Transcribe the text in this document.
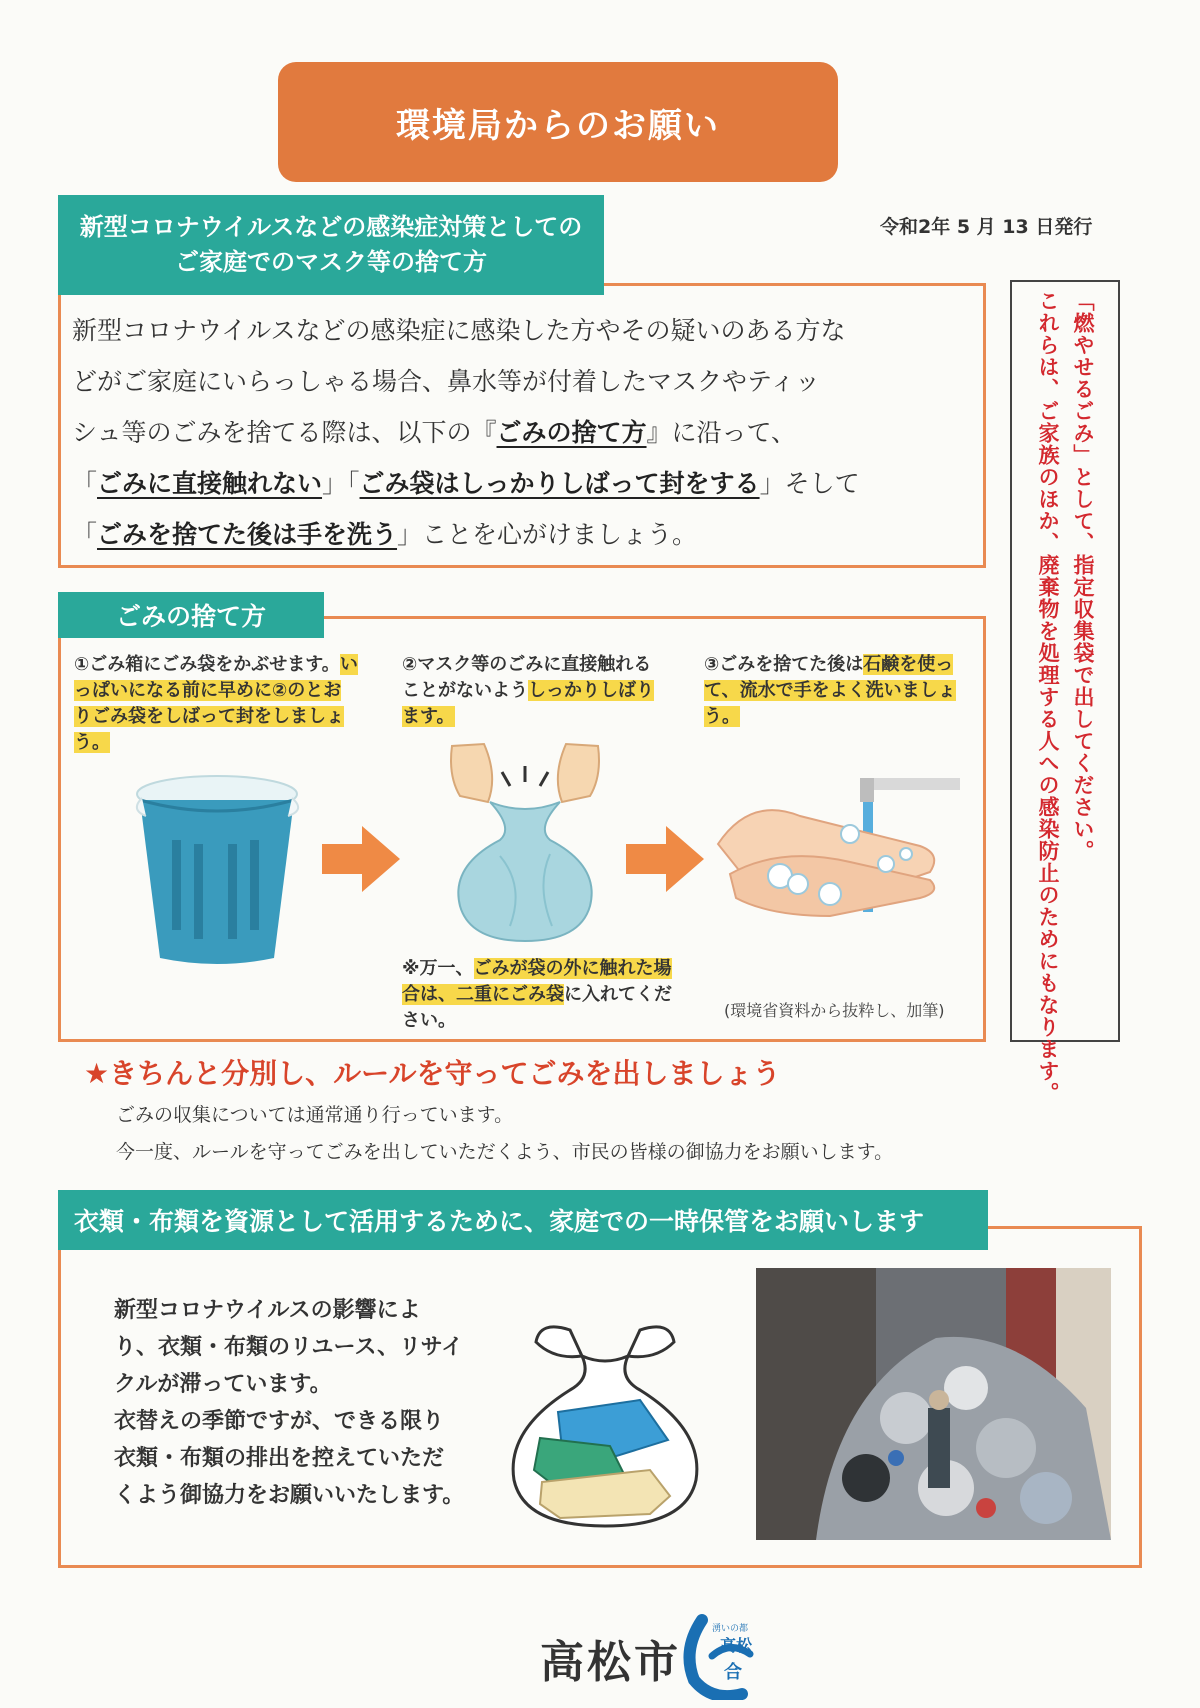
環境局からのお願い
令和2年 5 月 13 日発行
新型コロナウイルスなどの感染症対策としての
ご家庭でのマスク等の捨て方
新型コロナウイルスなどの感染症に感染した方やその疑いのある方な
どがご家庭にいらっしゃる場合、鼻水等が付着したマスクやティッ
シュ等のごみを捨てる際は、以下の『ごみの捨て方』に沿って、
「ごみに直接触れない」「ごみ袋はしっかりしばって封をする」そして
「ごみを捨てた後は手を洗う」ことを心がけましょう。	「燃やせるごみ」として、指定収集袋で出してください。
これらは、ご家族のほか、廃棄物を処理する人への感染防止のためにもなります。
ごみの捨て方
①ごみ箱にごみ袋をかぶせます。いっぱいになる前に早めに②のとおりごみ袋をしばって封をしましょう。
②マスク等のごみに直接触れることがないようしっかりしばります。
③ごみを捨てた後は石鹸を使って、流水で手をよく洗いましょう。
※万一、ごみが袋の外に触れた場合は、二重にごみ袋に入れてください。	(環境省資料から抜粋し、加筆)
★きちんと分別し、ルールを守ってごみを出しましょう
ごみの収集については通常通り行っています。
今一度、ルールを守ってごみを出していただくよう、市民の皆様の御協力をお願いします。
衣類・布類を資源として活用するために、家庭での一時保管をお願いします
新型コロナウイルスの影響によ
り、衣類・布類のリユース、リサイ
クルが滞っています。
衣替えの季節ですが、できる限り
衣類・布類の排出を控えていただ
くよう御協力をお願いいたします。
高松市 合
湧いの都
高松
